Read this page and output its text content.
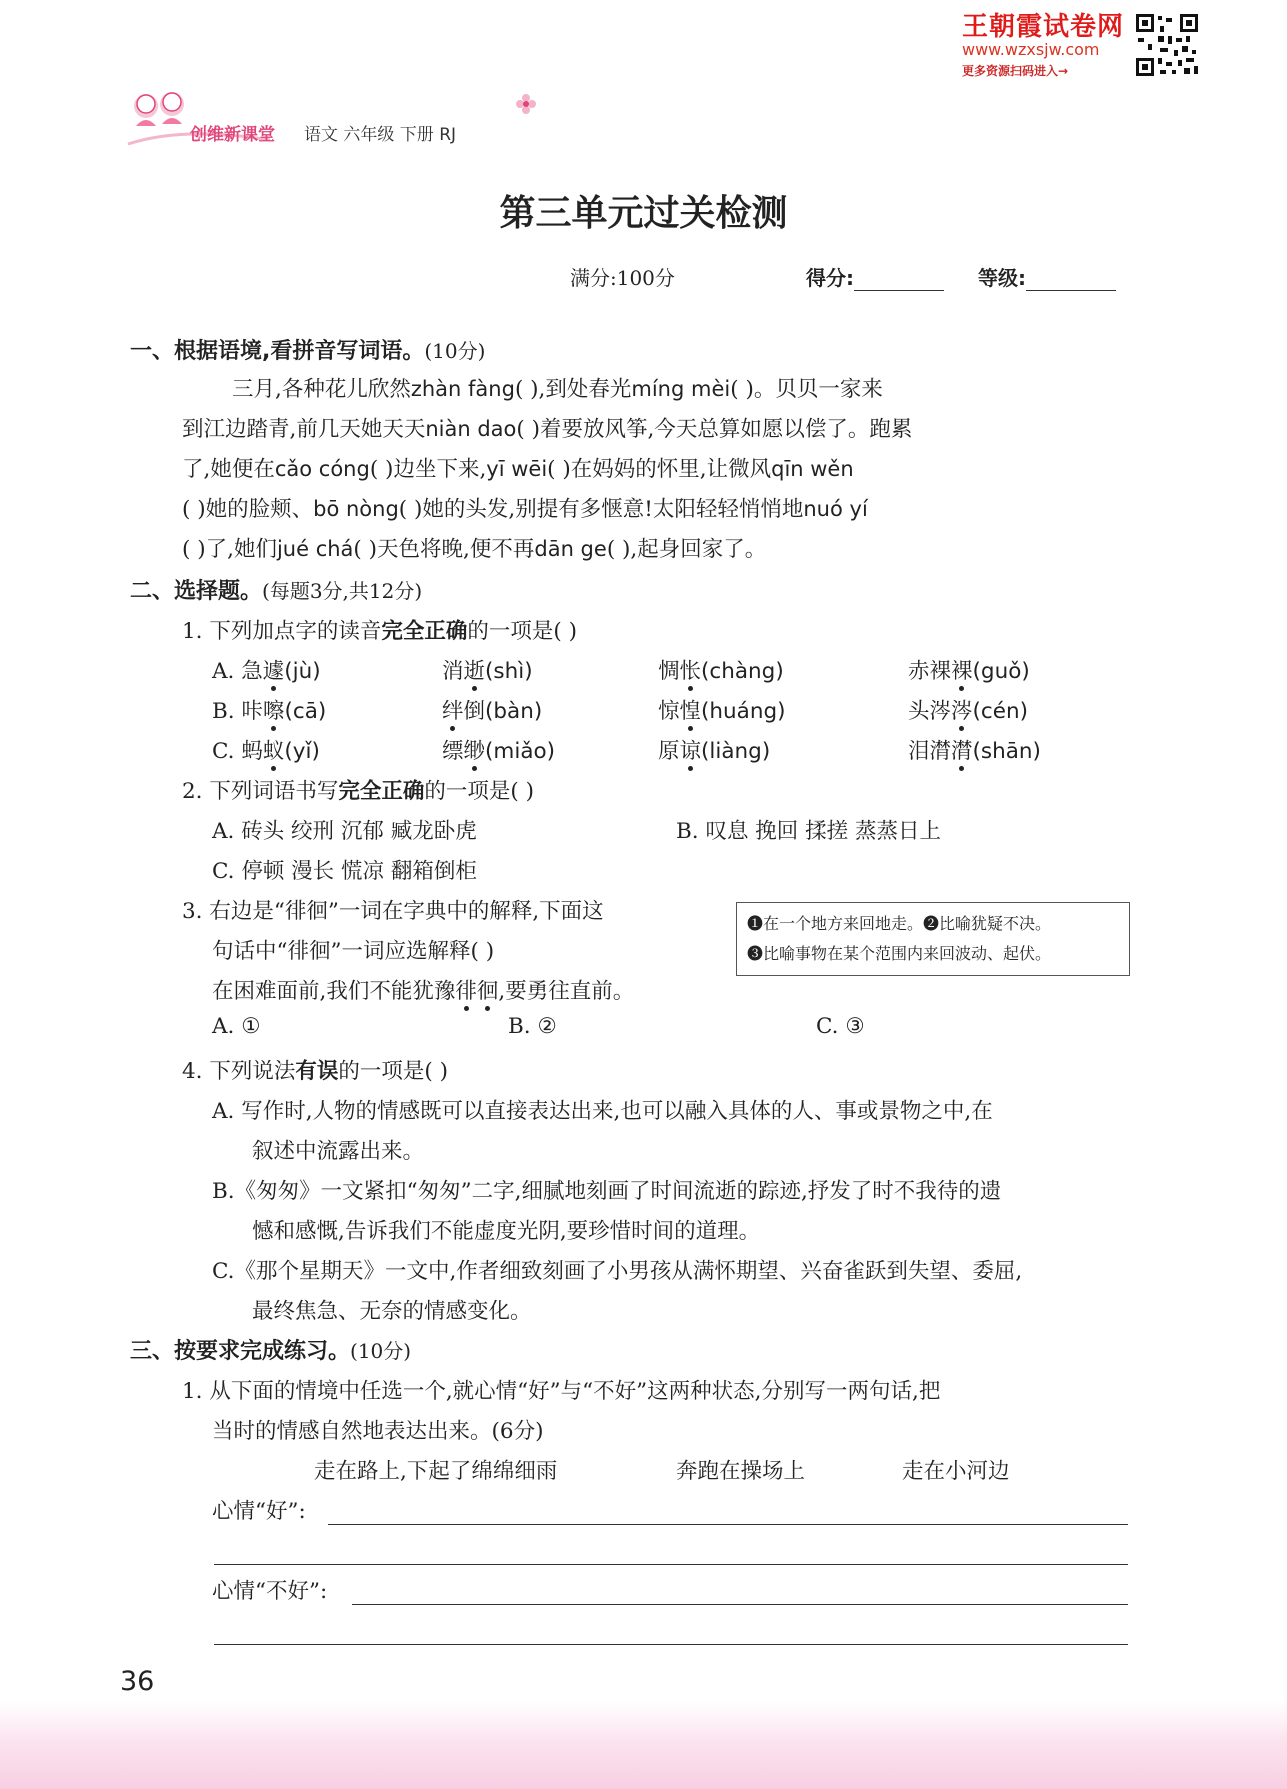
王朝霞试卷网
www.wzxsjw.com
更多资源扫码进入→
创维新课堂 语文 六年级 下册 RJ
第三单元过关检测
满分:100分	得分:	等级:
一、根据语境,看拼音写词语。(10分)
三月,各种花儿欣然zhàn fàng( ),到处春光míng mèi( )。贝贝一家来
到江边踏青,前几天她天天niàn dao( )着要放风筝,今天总算如愿以偿了。跑累
了,她便在cǎo cóng( )边坐下来,yī wēi( )在妈妈的怀里,让微风qīn wěn
( )她的脸颊、bō nòng( )她的头发,别提有多惬意!太阳轻轻悄悄地nuó yí
( )了,她们jué chá( )天色将晚,便不再dān ge( ),起身回家了。
二、选择题。(每题3分,共12分)
1. 下列加点字的读音完全正确的一项是( )
A. 急遽(jù)	消逝(shì)	惆怅(chàng)	赤裸裸(guǒ)
B. 咔嚓(cā)	绊倒(bàn)	惊惶(huáng)	头涔涔(cén)
C. 蚂蚁(yǐ)	缥缈(miǎo)	原谅(liàng)	泪潸潸(shān)
2. 下列词语书写完全正确的一项是( )
A. 砖头 绞刑 沉郁 臧龙卧虎	B. 叹息 挽回 揉搓 蒸蒸日上
C. 停顿 漫长 慌凉 翻箱倒柜
3. 右边是“徘徊”一词在字典中的解释,下面这
句话中“徘徊”一词应选解释( )
在困难面前,我们不能犹豫徘徊,要勇往直前。
❶在一个地方来回地走。❷比喻犹疑不决。
❸比喻事物在某个范围内来回波动、起伏。
A. ①	B. ②	C. ③
4. 下列说法有误的一项是( )
A. 写作时,人物的情感既可以直接表达出来,也可以融入具体的人、事或景物之中,在
叙述中流露出来。
B.《匆匆》一文紧扣“匆匆”二字,细腻地刻画了时间流逝的踪迹,抒发了时不我待的遗
憾和感慨,告诉我们不能虚度光阴,要珍惜时间的道理。
C.《那个星期天》一文中,作者细致刻画了小男孩从满怀期望、兴奋雀跃到失望、委屈,
最终焦急、无奈的情感变化。
三、按要求完成练习。(10分)
1. 从下面的情境中任选一个,就心情“好”与“不好”这两种状态,分别写一两句话,把
当时的情感自然地表达出来。(6分)
走在路上,下起了绵绵细雨	奔跑在操场上	走在小河边
心情“好”:
心情“不好”:
36
